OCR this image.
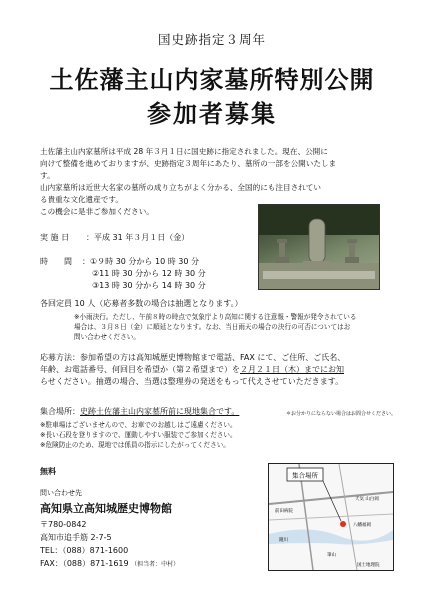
国史跡指定３周年
土佐藩主山内家墓所特別公開
参加者募集

土佐藩主山内家墓所は平成 28 年３月１日に国史跡に指定されました。現在、公開に

向けて整備を進めておりますが、史跡指定３周年にあたり、墓所の一部を公開いたしま

す。

山内家墓所は近世大名家の墓所の成り立ちがよく分かる、全国的にも注目されてい

る貴重な文化遺産です。

この機会に是非ご参加ください。

実 施 日 ：平成 31 年３月１日（金）
時　　間	：①９時 30 分から 10 時 30 分
②11 時 30 分から 12 時 30 分
③13 時 30 分から 14 時 30 分
各回定員 10 人（応募者多数の場合は抽選となります。）
※小雨決行。ただし、午前８時の時点で気象庁より高知に関する注意報・警報が発令されている
場合は、３月８日（金）に順延となります。なお、当日雨天の場合の決行の可否についてはお
問い合わせください。
応募方法：参加希望の方は高知城歴史博物館まで電話、FAX にて、ご住所、ご氏名、
年齢、お電話番号、何回目を希望か（第２希望まで）を２月２１日（木）までにお知
らせください。抽選の場合、当選は整理券の発送をもって代えさせていただきます。
集合場所：史跡土佐藩主山内家墓所前に現地集合です。	＊お分かりにならない場合はお問合せください。
※駐車場はございませんので、お車でのお越しはご遠慮ください。
※長い石段を登りますので、運動しやすい服装でご参加ください。
※危険防止のため、現地では係員の指示にしたがってください。
無料
問い合わせ先
高知県立高知城歴史博物館
〒780-0842
高知市追手筋 2-7-5
TEL：（088）871-1600
FAX：（088）871-1619 （担当者：中村）
集合場所
前田病院
筆山
八幡福岡
天気 山白岡
鏡川
国土地理院
